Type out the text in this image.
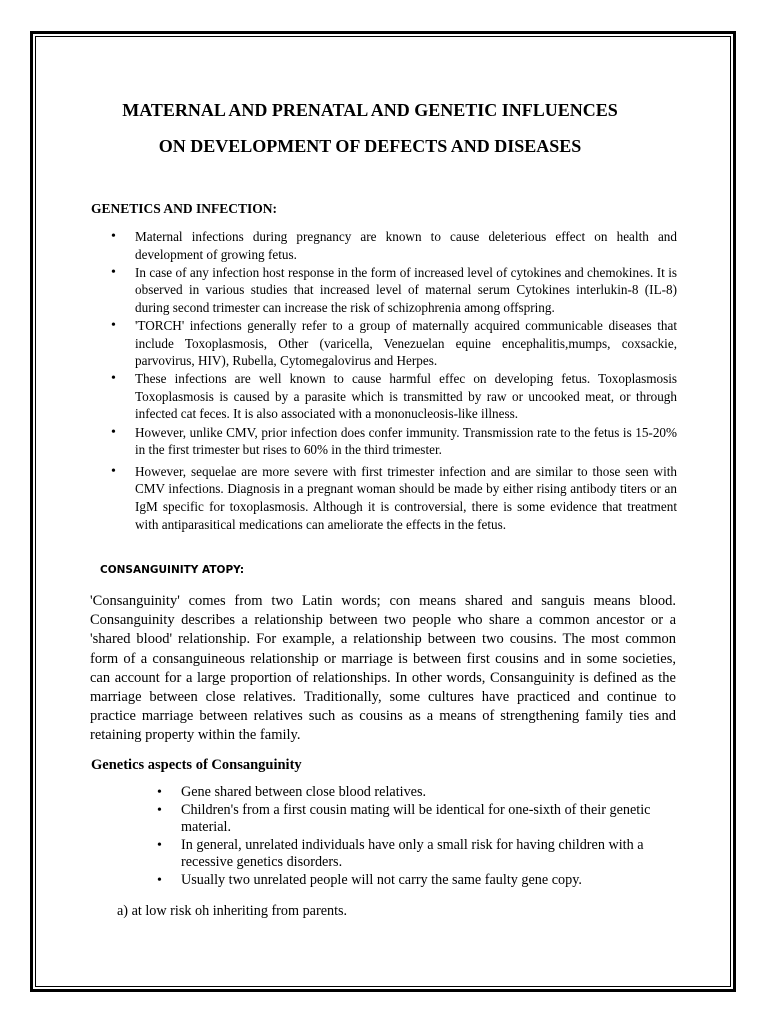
MATERNAL AND PRENATAL AND GENETIC INFLUENCES
ON DEVELOPMENT OF DEFECTS AND DISEASES
GENETICS AND INFECTION:
• Maternal infections during pregnancy are known to cause deleterious effect on health and development of growing fetus.
• In case of any infection host response in the form of increased level of cytokines and chemokines. It is observed in various studies that increased level of maternal serum Cytokines interlukin-8 (IL-8) during second trimester can increase the risk of schizophrenia among offspring.
• 'TORCH' infections generally refer to a group of maternally acquired communicable diseases that include Toxoplasmosis, Other (varicella, Venezuelan equine encephalitis,mumps, coxsackie, parvovirus, HIV), Rubella, Cytomegalovirus and Herpes.
• These infections are well known to cause harmful effec on developing fetus. Toxoplasmosis Toxoplasmosis is caused by a parasite which is transmitted by raw or uncooked meat, or through infected cat feces. It is also associated with a mononucleosis-like illness.
• However, unlike CMV, prior infection does confer immunity. Transmission rate to the fetus is 15-20% in the first trimester but rises to 60% in the third trimester.
• However, sequelae are more severe with first trimester infection and are similar to those seen with CMV infections. Diagnosis in a pregnant woman should be made by either rising antibody titers or an IgM specific for toxoplasmosis. Although it is controversial, there is some evidence that treatment with antiparasitical medications can ameliorate the effects in the fetus.
CONSANGUINITY ATOPY:

'Consanguinity' comes from two Latin words; con means shared and sanguis means blood. Consanguinity describes a relationship between two people who share a common ancestor or a 'shared blood' relationship. For example, a relationship between two cousins. The most common form of a consanguineous relationship or marriage is between first cousins and in some societies, can account for a large proportion of relationships. In other words, Consanguinity is defined as the marriage between close relatives. Traditionally, some cultures have practiced and continue to practice marriage between relatives such as cousins as a means of strengthening family ties and retaining property within the family.

Genetics aspects of Consanguinity
• Gene shared between close blood relatives.
• Children's from a first cousin mating will be identical for one-sixth of their genetic material.
• In general, unrelated individuals have only a small risk for having children with a recessive genetics disorders.
• Usually two unrelated people will not carry the same faulty gene copy.

a) at low risk oh inheriting from parents.
